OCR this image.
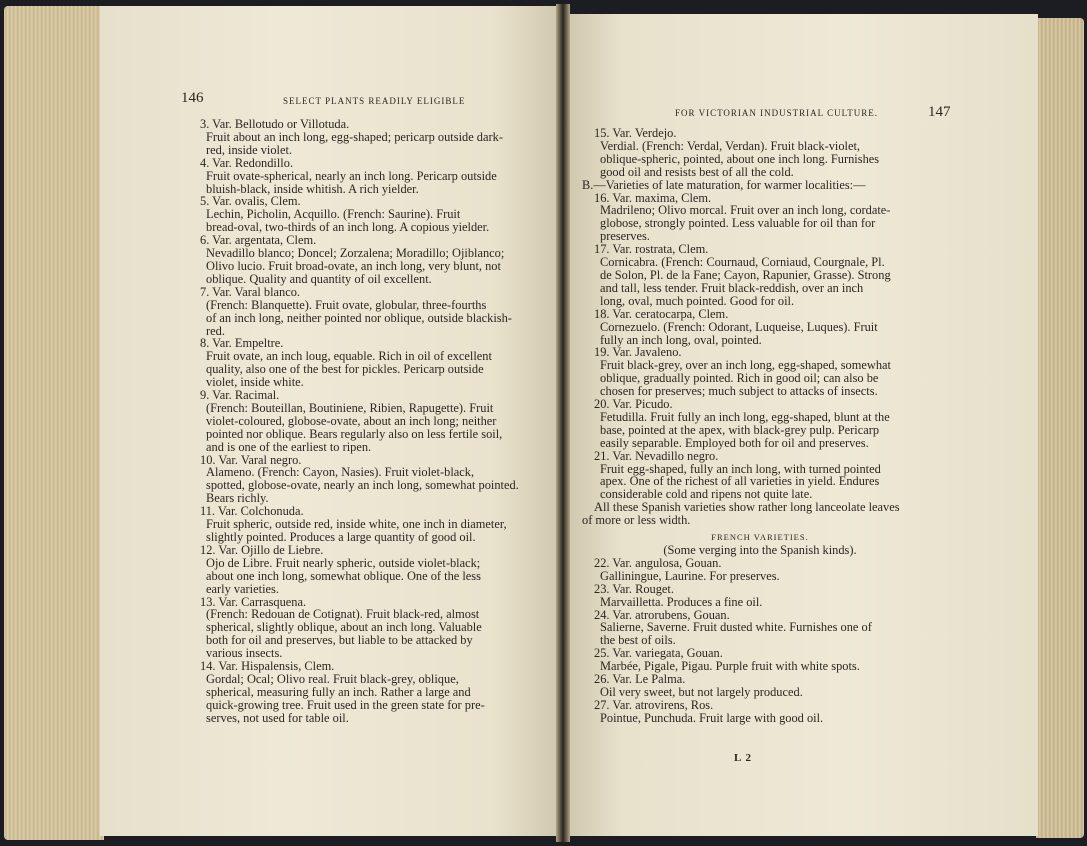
146	SELECT PLANTS READILY ELIGIBLE

3. Var. Bellotudo or Villotuda.

Fruit about an inch long, egg-shaped; pericarp outside dark-

red, inside violet.

4. Var. Redondillo.

Fruit ovate-spherical, nearly an inch long. Pericarp outside

bluish-black, inside whitish. A rich yielder.

5. Var. ovalis, Clem.

Lechin, Picholin, Acquillo. (French: Saurine). Fruit

bread-oval, two-thirds of an inch long. A copious yielder.

6. Var. argentata, Clem.

Nevadillo blanco; Doncel; Zorzalena; Moradillo; Ojiblanco;

Olivo lucio. Fruit broad-ovate, an inch long, very blunt, not

oblique. Quality and quantity of oil excellent.

7. Var. Varal blanco.

(French: Blanquette). Fruit ovate, globular, three-fourths

of an inch long, neither pointed nor oblique, outside blackish-

red.

8. Var. Empeltre.

Fruit ovate, an inch loug, equable. Rich in oil of excellent

quality, also one of the best for pickles. Pericarp outside

violet, inside white.

9. Var. Racimal.

(French: Bouteillan, Boutiniene, Ribien, Rapugette). Fruit

violet-coloured, globose-ovate, about an inch long; neither

pointed nor oblique. Bears regularly also on less fertile soil,

and is one of the earliest to ripen.

10. Var. Varal negro.

Alameno. (French: Cayon, Nasies). Fruit violet-black,

spotted, globose-ovate, nearly an inch long, somewhat pointed.

Bears richly.

11. Var. Colchonuda.

Fruit spheric, outside red, inside white, one inch in diameter,

slightly pointed. Produces a large quantity of good oil.

12. Var. Ojillo de Liebre.

Ojo de Libre. Fruit nearly spheric, outside violet-black;

about one inch long, somewhat oblique. One of the less

early varieties.

13. Var. Carrasquena.

(French: Redouan de Cotignat). Fruit black-red, almost

spherical, slightly oblique, about an inch long. Valuable

both for oil and preserves, but liable to be attacked by

various insects.

14. Var. Hispalensis, Clem.

Gordal; Ocal; Olivo real. Fruit black-grey, oblique,

spherical, measuring fully an inch. Rather a large and

quick-growing tree. Fruit used in the green state for pre-

serves, not used for table oil.

FOR VICTORIAN INDUSTRIAL CULTURE.	147

15. Var. Verdejo.

Verdial. (French: Verdal, Verdan). Fruit black-violet,

oblique-spheric, pointed, about one inch long. Furnishes

good oil and resists best of all the cold.

B.—Varieties of late maturation, for warmer localities:—

16. Var. maxima, Clem.

Madrileno; Olivo morcal. Fruit over an inch long, cordate-

globose, strongly pointed. Less valuable for oil than for

preserves.

17. Var. rostrata, Clem.

Cornicabra. (French: Cournaud, Corniaud, Courgnale, Pl.

de Solon, Pl. de la Fane; Cayon, Rapunier, Grasse). Strong

and tall, less tender. Fruit black-reddish, over an inch

long, oval, much pointed. Good for oil.

18. Var. ceratocarpa, Clem.

Cornezuelo. (French: Odorant, Luqueise, Luques). Fruit

fully an inch long, oval, pointed.

19. Var. Javaleno.

Fruit black-grey, over an inch long, egg-shaped, somewhat

oblique, gradually pointed. Rich in good oil; can also be

chosen for preserves; much subject to attacks of insects.

20. Var. Picudo.

Fetudilla. Fruit fully an inch long, egg-shaped, blunt at the

base, pointed at the apex, with black-grey pulp. Pericarp

easily separable. Employed both for oil and preserves.

21. Var. Nevadillo negro.

Fruit egg-shaped, fully an inch long, with turned pointed

apex. One of the richest of all varieties in yield. Endures

considerable cold and ripens not quite late.

All these Spanish varieties show rather long lanceolate leaves

of more or less width.

FRENCH VARIETIES.

(Some verging into the Spanish kinds).

22. Var. angulosa, Gouan.

Galliningue, Laurine. For preserves.

23. Var. Rouget.

Marvailletta. Produces a fine oil.

24. Var. atrorubens, Gouan.

Salierne, Saverne. Fruit dusted white. Furnishes one of

the best of oils.

25. Var. variegata, Gouan.

Marbée, Pigale, Pigau. Purple fruit with white spots.

26. Var. Le Palma.

Oil very sweet, but not largely produced.

27. Var. atrovirens, Ros.

Pointue, Punchuda. Fruit large with good oil.

L 2
